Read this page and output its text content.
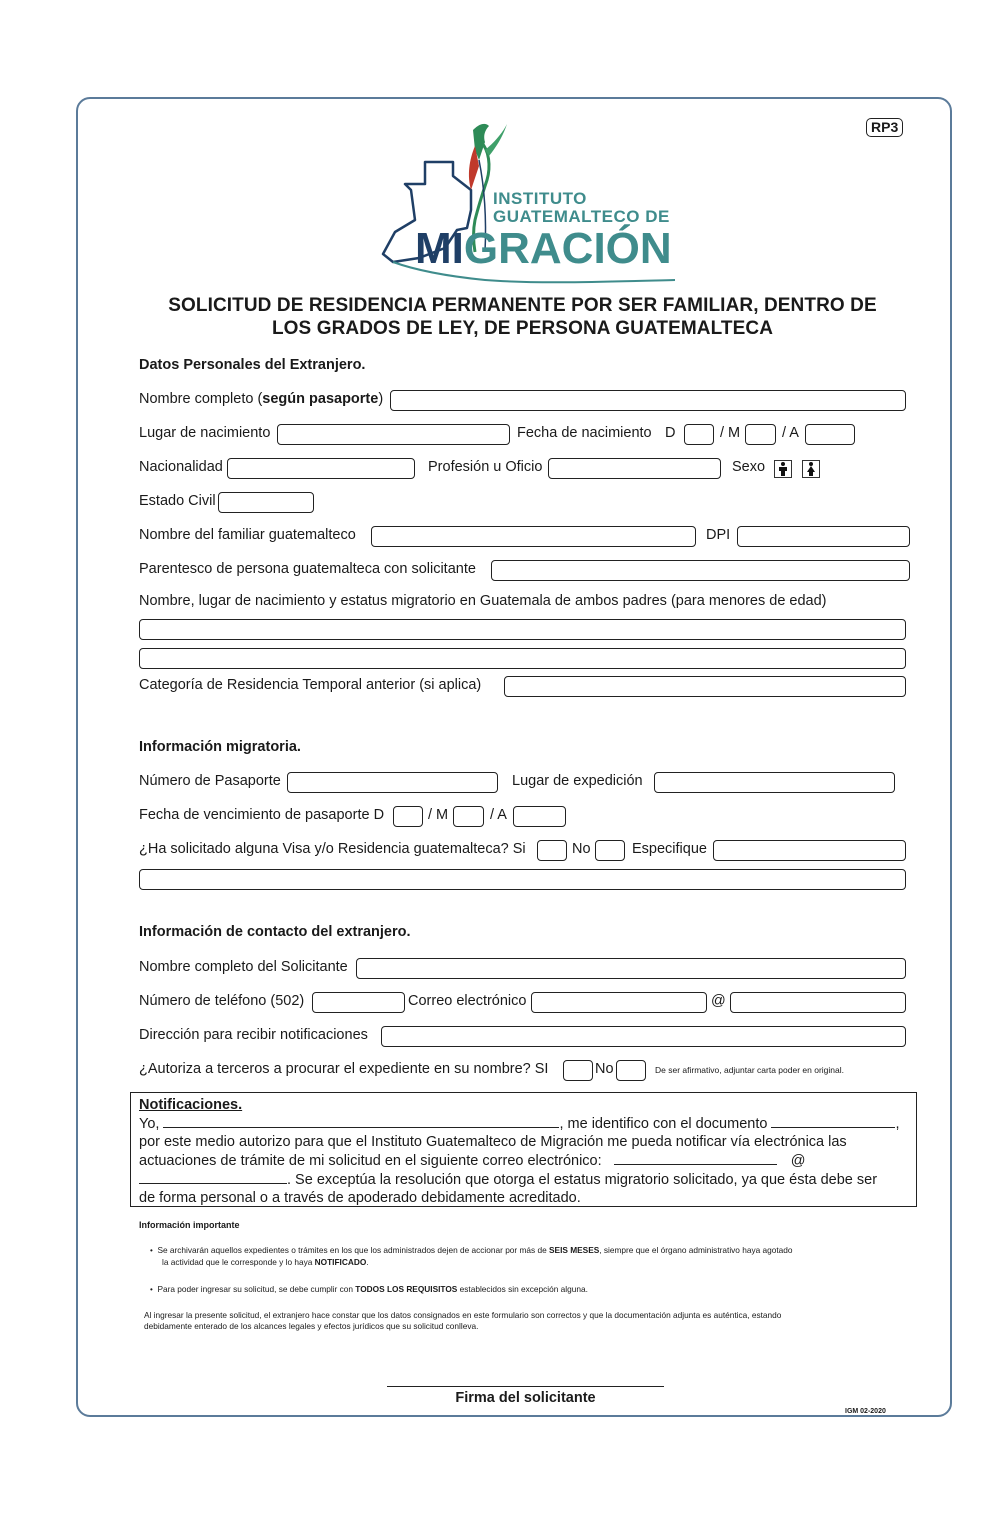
RP3
INSTITUTO
GUATEMALTECO DE
MIGRACIÓN
SOLICITUD DE RESIDENCIA PERMANENTE POR SER FAMILIAR, DENTRO DE
LOS GRADOS DE LEY, DE PERSONA GUATEMALTECA
Datos Personales del Extranjero.
Nombre completo (según pasaporte)
Lugar de nacimiento	Fecha de nacimiento D	/ M	/ A
Nacionalidad	Profesión u Oficio	Sexo
Estado Civil
Nombre del familiar guatemalteco	DPI
Parentesco de persona guatemalteca con solicitante
Nombre, lugar de nacimiento y estatus migratorio en Guatemala de ambos padres (para menores de edad)
Categoría de Residencia Temporal anterior (si aplica)
Información migratoria.
Número de Pasaporte	Lugar de expedición
Fecha de vencimiento de pasaporte D	/ M	/ A
¿Ha solicitado alguna Visa y/o Residencia guatemalteca? Si	No	Especifique
Información de contacto del extranjero.
Nombre completo del Solicitante
Número de teléfono (502)	Correo electrónico	@
Dirección para recibir notificaciones
¿Autoriza a terceros a procurar el expediente en su nombre? SI	No	De ser afirmativo, adjuntar carta poder en original.
Notificaciones.
Yo,	, me identifico con el documento	,
por este medio autorizo para que el Instituto Guatemalteco de Migración me pueda notificar vía electrónica las
actuaciones de trámite de mi solicitud en el siguiente correo electrónico:	@
. Se exceptúa la resolución que otorga el estatus migratorio solicitado, ya que ésta debe ser
de forma personal o a través de apoderado debidamente acreditado.
Información importante
• Se archivarán aquellos expedientes o trámites en los que los administrados dejen de accionar por más de SEIS MESES, siempre que el órgano administrativo haya agotado
la actividad que le corresponde y lo haya NOTIFICADO.
• Para poder ingresar su solicitud, se debe cumplir con TODOS LOS REQUISITOS establecidos sin excepción alguna.
Al ingresar la presente solicitud, el extranjero hace constar que los datos consignados en este formulario son correctos y que la documentación adjunta es auténtica, estando
debidamente enterado de los alcances legales y efectos jurídicos que su solicitud conlleva.
Firma del solicitante
IGM 02-2020
